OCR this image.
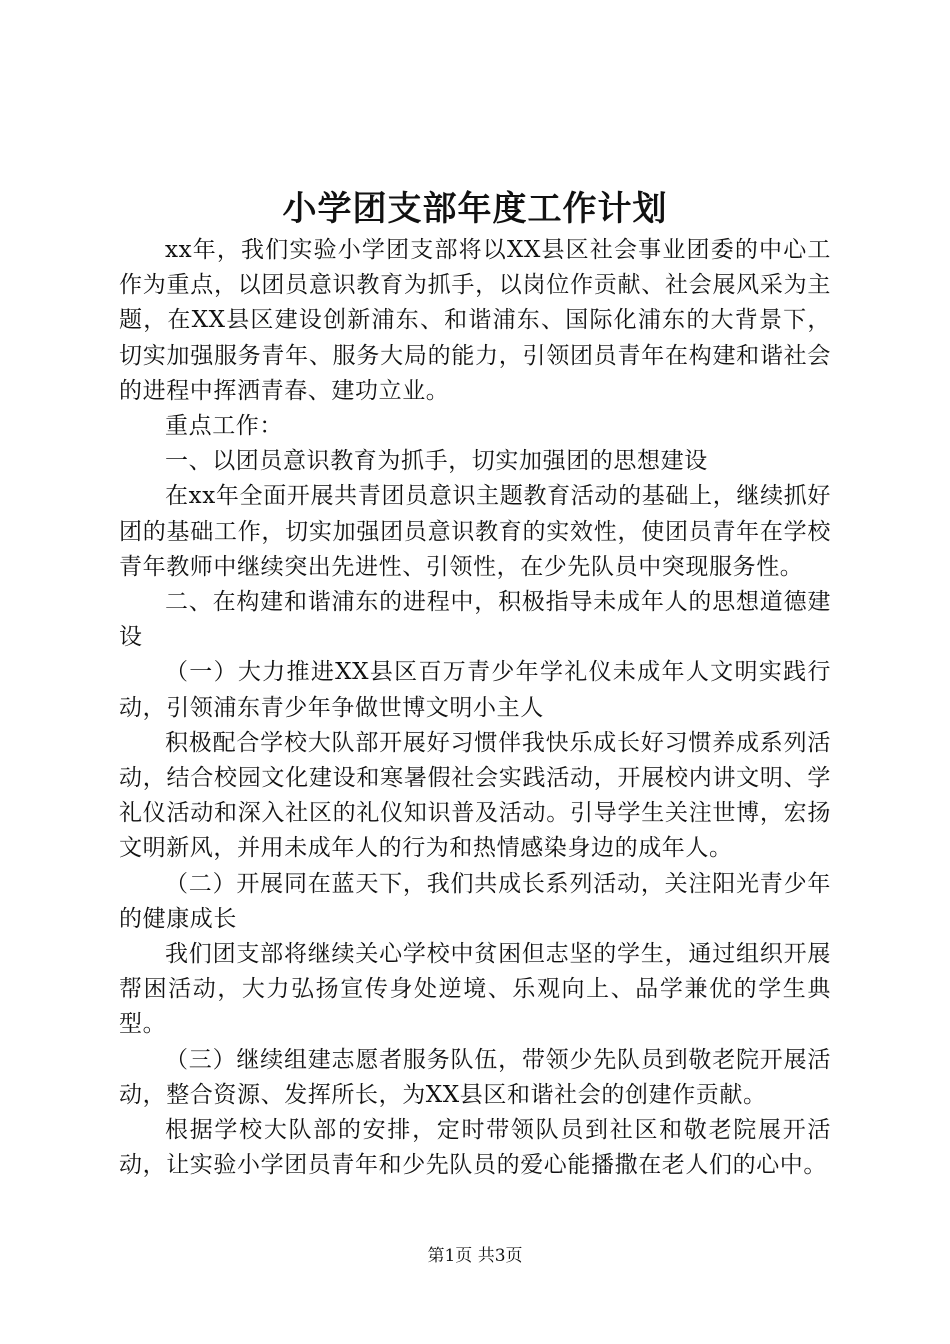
小学团支部年度工作计划

xx年，我们实验小学团支部将以XX县区社会事业团委的中心工作为重点，以团员意识教育为抓手，以岗位作贡献、社会展风采为主题，在XX县区建设创新浦东、和谐浦东、国际化浦东的大背景下，切实加强服务青年、服务大局的能力，引领团员青年在构建和谐社会的进程中挥洒青春、建功立业。

重点工作：

一、以团员意识教育为抓手，切实加强团的思想建设

在xx年全面开展共青团员意识主题教育活动的基础上，继续抓好团的基础工作，切实加强团员意识教育的实效性，使团员青年在学校青年教师中继续突出先进性、引领性，在少先队员中突现服务性。

二、在构建和谐浦东的进程中，积极指导未成年人的思想道德建设

（一）大力推进XX县区百万青少年学礼仪未成年人文明实践行动，引领浦东青少年争做世博文明小主人

积极配合学校大队部开展好习惯伴我快乐成长好习惯养成系列活动，结合校园文化建设和寒暑假社会实践活动，开展校内讲文明、学礼仪活动和深入社区的礼仪知识普及活动。引导学生关注世博，宏扬文明新风，并用未成年人的行为和热情感染身边的成年人。

（二）开展同在蓝天下，我们共成长系列活动，关注阳光青少年的健康成长

我们团支部将继续关心学校中贫困但志坚的学生，通过组织开展帮困活动，大力弘扬宣传身处逆境、乐观向上、品学兼优的学生典型。

（三）继续组建志愿者服务队伍，带领少先队员到敬老院开展活动，整合资源、发挥所长，为XX县区和谐社会的创建作贡献。

根据学校大队部的安排，定时带领队员到社区和敬老院展开活动，让实验小学团员青年和少先队员的爱心能播撒在老人们的心中。

第1页 共3页
